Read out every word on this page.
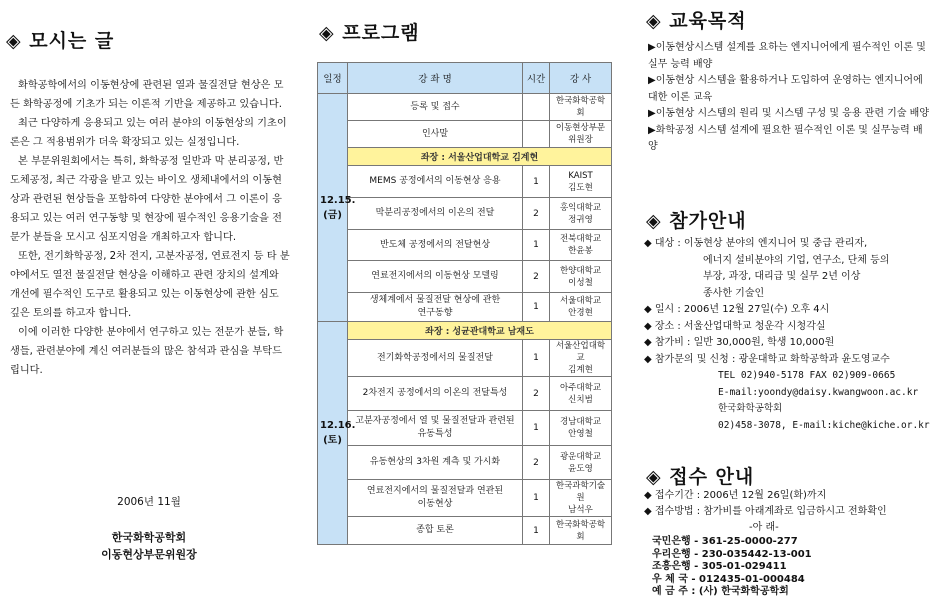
◈ 모시는 글

화학공학에서의 이동현상에 관련된 열과 물질전달 현상은 모든 화학공정에 기초가 되는 이론적 기반을 제공하고 있습니다.

최근 다양하게 응용되고 있는 여러 분야의 이동현상의 기초이론은 그 적용범위가 더욱 확장되고 있는 실정입니다.

본 부문위원회에서는 특히, 화학공정 일반과 막 분리공정, 반도체공정, 최근 각광을 받고 있는 바이오 생체내에서의 이동현상과 관련된 현상들을 포함하여 다양한 분야에서 그 이론이 응용되고 있는 여러 연구동향 및 현장에 필수적인 응용기술을 전문가 분들을 모시고 심포지엄을 개최하고자 합니다.

또한, 전기화학공정, 2차 전지, 고분자공정, 연료전지 등 타 분야에서도 열전 물질전달 현상을 이해하고 관련 장치의 설계와 개선에 필수적인 도구로 활용되고 있는 이동현상에 관한 심도 깊은 토의를 하고자 합니다.

이에 이러한 다양한 분야에서 연구하고 있는 전문가 분들, 학생들, 관련분야에 계신 여러분들의 많은 참석과 관심을 부탁드립니다.

2006년 11월
한국화학공학회
이동현상부문위원장
◈ 프로그램
일정	강 좌 명	시간	강 사

12.15.
(금)	등록 및 접수		한국화학공학회
	인사말		이동현상부문위원장
	좌장 : 서울산업대학교 김계현		
	MEMS 공정에서의 이동현상 응용	1	KAIST
김도현
	막분리공정에서의 이온의 전달	2	홍익대학교
정귀영
	반도체 공정에서의 전달현상	1	전북대학교
한윤봉
	연료전지에서의 이동현상 모델링	2	한양대학교
이성철
	생체계에서 물질전달 현상에 관한
연구동향	1	서울대학교
안경현

12.16.
(토)	좌장 : 성균관대학교 남재도		
	전기화학공정에서의 물질전달	1	서울산업대학교
김계현
	2차전지 공정에서의 이온의 전달특성	2	아주대학교
신치범
	고분자공정에서 열 및 물질전달과 관련된
유동특성	1	경남대학교
안영철
	유동현상의 3차원 계측 및 가시화	2	광운대학교
윤도영
	연료전지에서의 물질전달과 연관된
이동현상	1	한국과학기술원
남석우
	종합 토론	1	한국화학공학회
◈ 교육목적

▶이동현상시스템 설계를 요하는 엔지니어에게 필수적인 이론 및 실무 능력 배양

▶이동현상 시스템을 활용하거나 도입하여 운영하는 엔지니어에 대한 이론 교육

▶이동현상 시스템의 원리 및 시스템 구성 및 응용 관련 기술 배양

▶화학공정 시스템 설계에 필요한 필수적인 이론 및 실무능력 배양

◈ 참가안내
◆ 대상 : 이동현상 분야의 엔지니어 및 중급 관리자,
에너지 설비분야의 기업, 연구소, 단체 등의
부장, 과장, 대리급 및 실무 2년 이상
종사한 기술인
◆ 일시 : 2006년 12월 27일(수) 오후 4시
◆ 장소 : 서울산업대학교 청운각 시청각실
◆ 참가비 : 일반 30,000원, 학생 10,000원
◆ 참가문의 및 신청 : 광운대학교 화학공학과 윤도영교수
TEL 02)940-5178 FAX 02)909-0665
E-mail:yoondy@daisy.kwangwoon.ac.kr
한국화학공학회
02)458-3078, E-mail:kiche@kiche.or.kr
◈ 접수 안내
◆ 접수기간 : 2006년 12월 26일(화)까지
◆ 접수방법 : 참가비를 아래계좌로 입금하시고 전화확인
-아 래-
국민은행 - 361-25-0000-277
우리은행 - 230-035442-13-001
조흥은행 - 305-01-029411
우 체 국 - 012435-01-000484
예 금 주 : (사) 한국화학공학회
